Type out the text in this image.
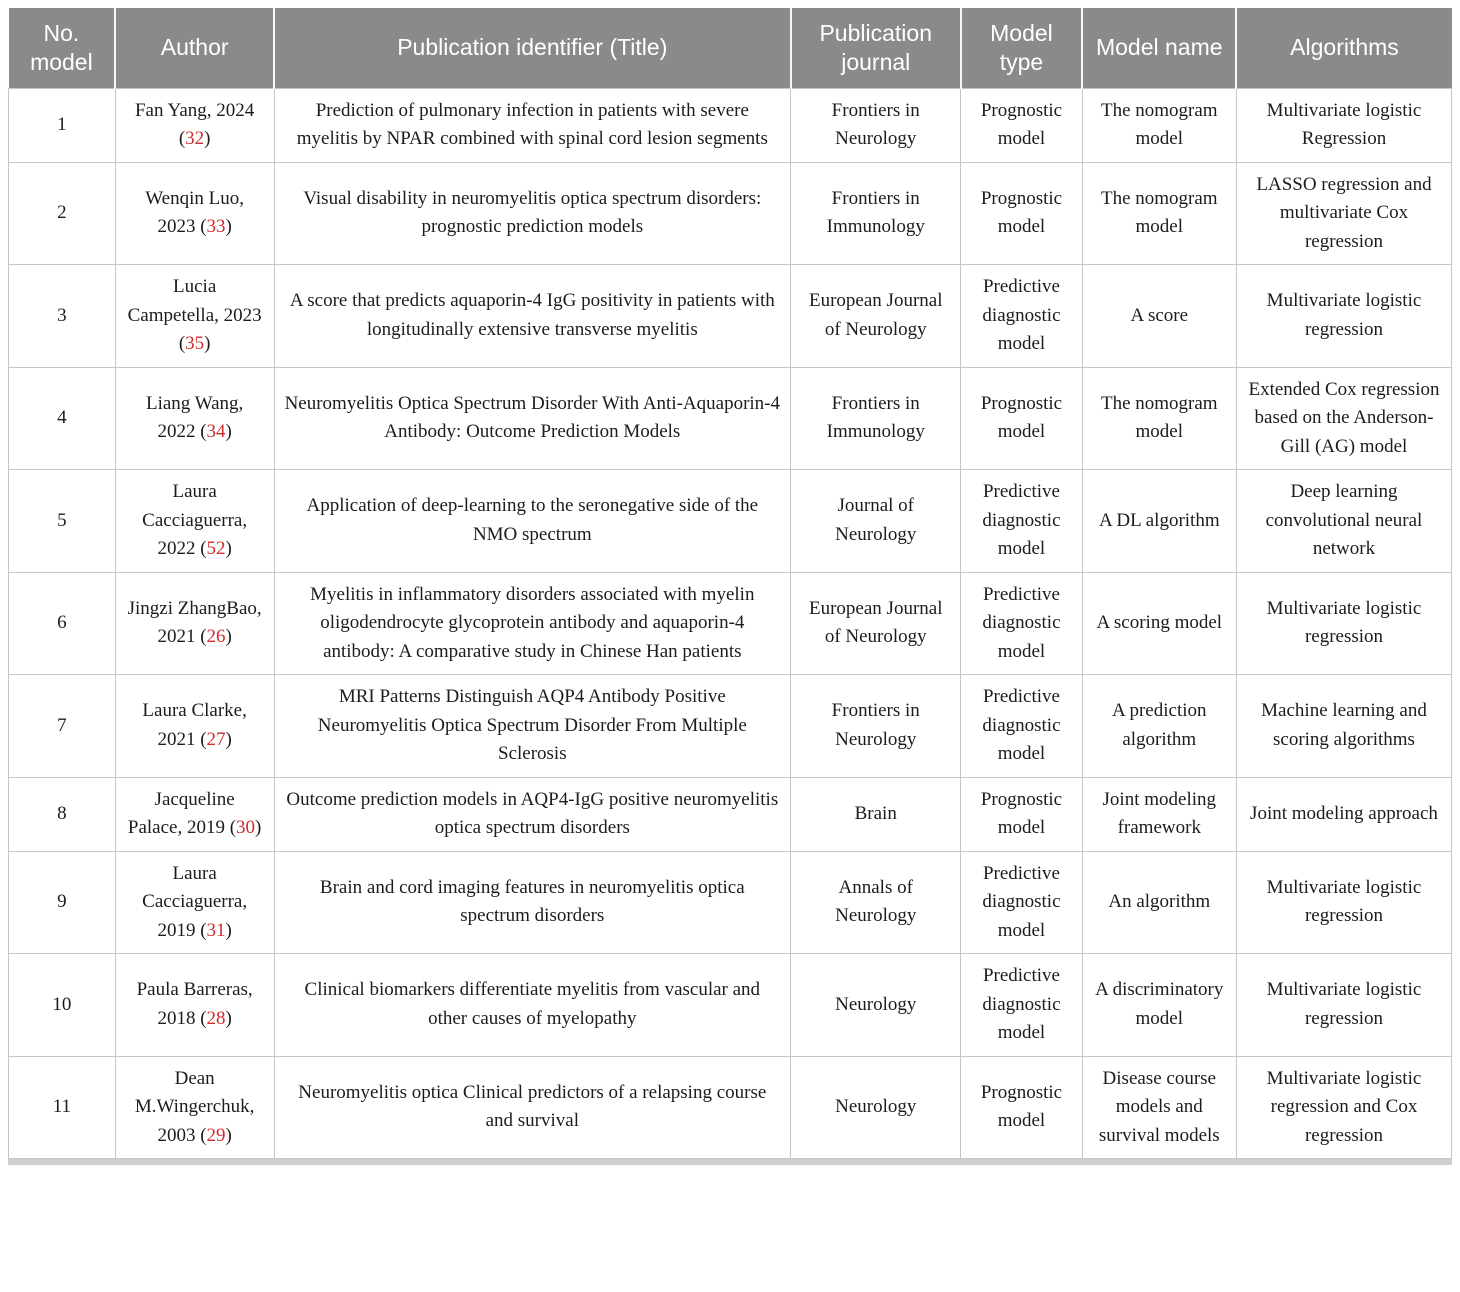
No. model	Author	Publication identifier (Title)	Publication journal	Model type	Model name	Algorithms
1	Fan Yang, 2024 (32)	Prediction of pulmonary infection in patients with severe myelitis by NPAR combined with spinal cord lesion segments	Frontiers in Neurology	Prognostic model	The nomogram model	Multivariate logistic Regression
2	Wenqin Luo, 2023 (33)	Visual disability in neuromyelitis optica spectrum disorders: prognostic prediction models	Frontiers in Immunology	Prognostic model	The nomogram model	LASSO regression and multivariate Cox regression
3	Lucia Campetella, 2023 (35)	A score that predicts aquaporin-4 IgG positivity in patients with longitudinally extensive transverse myelitis	European Journal of Neurology	Predictive diagnostic model	A score	Multivariate logistic regression
4	Liang Wang, 2022 (34)	Neuromyelitis Optica Spectrum Disorder With Anti-Aquaporin-4 Antibody: Outcome Prediction Models	Frontiers in Immunology	Prognostic model	The nomogram model	Extended Cox regression based on the Anderson-Gill (AG) model
5	Laura Cacciaguerra, 2022 (52)	Application of deep-learning to the seronegative side of the NMO spectrum	Journal of Neurology	Predictive diagnostic model	A DL algorithm	Deep learning convolutional neural network
6	Jingzi ZhangBao, 2021 (26)	Myelitis in inflammatory disorders associated with myelin oligodendrocyte glycoprotein antibody and aquaporin-4 antibody: A comparative study in Chinese Han patients	European Journal of Neurology	Predictive diagnostic model	A scoring model	Multivariate logistic regression
7	Laura Clarke, 2021 (27)	MRI Patterns Distinguish AQP4 Antibody Positive Neuromyelitis Optica Spectrum Disorder From Multiple Sclerosis	Frontiers in Neurology	Predictive diagnostic model	A prediction algorithm	Machine learning and scoring algorithms
8	Jacqueline Palace, 2019 (30)	Outcome prediction models in AQP4-IgG positive neuromyelitis optica spectrum disorders	Brain	Prognostic model	Joint modeling framework	Joint modeling approach
9	Laura Cacciaguerra, 2019 (31)	Brain and cord imaging features in neuromyelitis optica spectrum disorders	Annals of Neurology	Predictive diagnostic model	An algorithm	Multivariate logistic regression
10	Paula Barreras, 2018 (28)	Clinical biomarkers differentiate myelitis from vascular and other causes of myelopathy	Neurology	Predictive diagnostic model	A discriminatory model	Multivariate logistic regression
11	Dean M.Wingerchuk, 2003 (29)	Neuromyelitis optica Clinical predictors of a relapsing course and survival	Neurology	Prognostic model	Disease course models and survival models	Multivariate logistic regression and Cox regression
